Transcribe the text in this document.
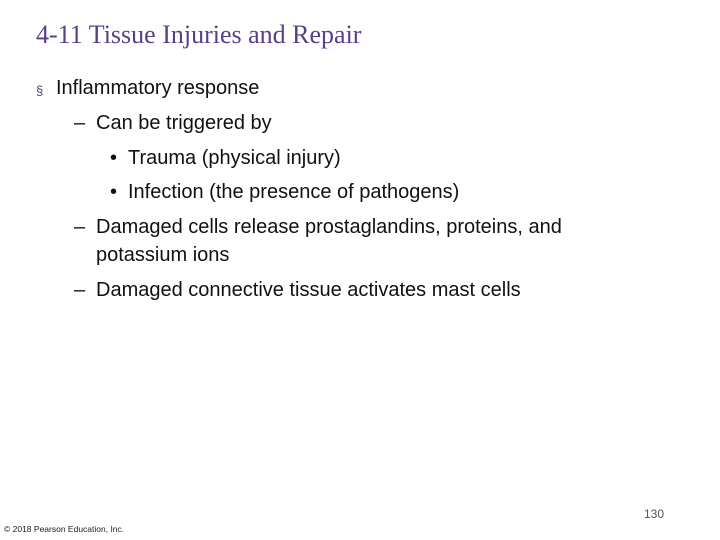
4-11 Tissue Injuries and Repair
§ Inflammatory response
– Can be triggered by
• Trauma (physical injury)
• Infection (the presence of pathogens)
– Damaged cells release prostaglandins, proteins, and
potassium ions
– Damaged connective tissue activates mast cells
130
© 2018 Pearson Education, Inc.
